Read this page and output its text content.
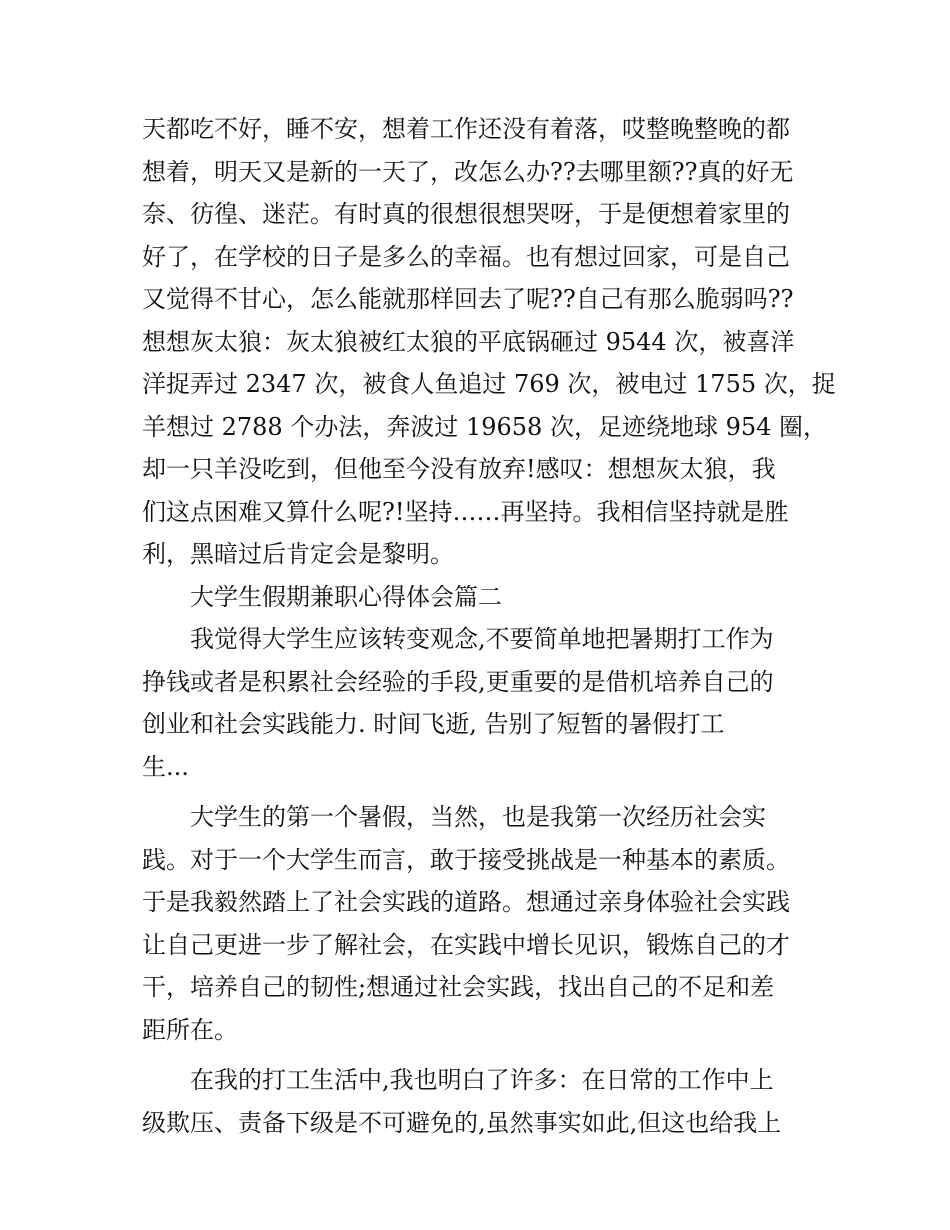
天都吃不好，睡不安，想着工作还没有着落，哎整晚整晚的都
想着，明天又是新的一天了，改怎么办??去哪里额??真的好无
奈、彷徨、迷茫。有时真的很想很想哭呀，于是便想着家里的
好了，在学校的日子是多么的幸福。也有想过回家，可是自己
又觉得不甘心，怎么能就那样回去了呢??自己有那么脆弱吗??
想想灰太狼：灰太狼被红太狼的平底锅砸过 9544 次，被喜洋
洋捉弄过 2347 次，被食人鱼追过 769 次，被电过 1755 次，捉
羊想过 2788 个办法，奔波过 19658 次，足迹绕地球 954 圈，
却一只羊没吃到，但他至今没有放弃!感叹：想想灰太狼，我
们这点困难又算什么呢?!坚持……再坚持。我相信坚持就是胜
利，黑暗过后肯定会是黎明。
大学生假期兼职心得体会篇二
我觉得大学生应该转变观念,不要简单地把暑期打工作为
挣钱或者是积累社会经验的手段,更重要的是借机培养自己的
创业和社会实践能力. 时间飞逝, 告别了短暂的暑假打工
生...
大学生的第一个暑假，当然，也是我第一次经历社会实
践。对于一个大学生而言，敢于接受挑战是一种基本的素质。
于是我毅然踏上了社会实践的道路。想通过亲身体验社会实践
让自己更进一步了解社会，在实践中增长见识，锻炼自己的才
干，培养自己的韧性;想通过社会实践，找出自己的不足和差
距所在。
在我的打工生活中,我也明白了许多：在日常的工作中上
级欺压、责备下级是不可避免的,虽然事实如此,但这也给我上
